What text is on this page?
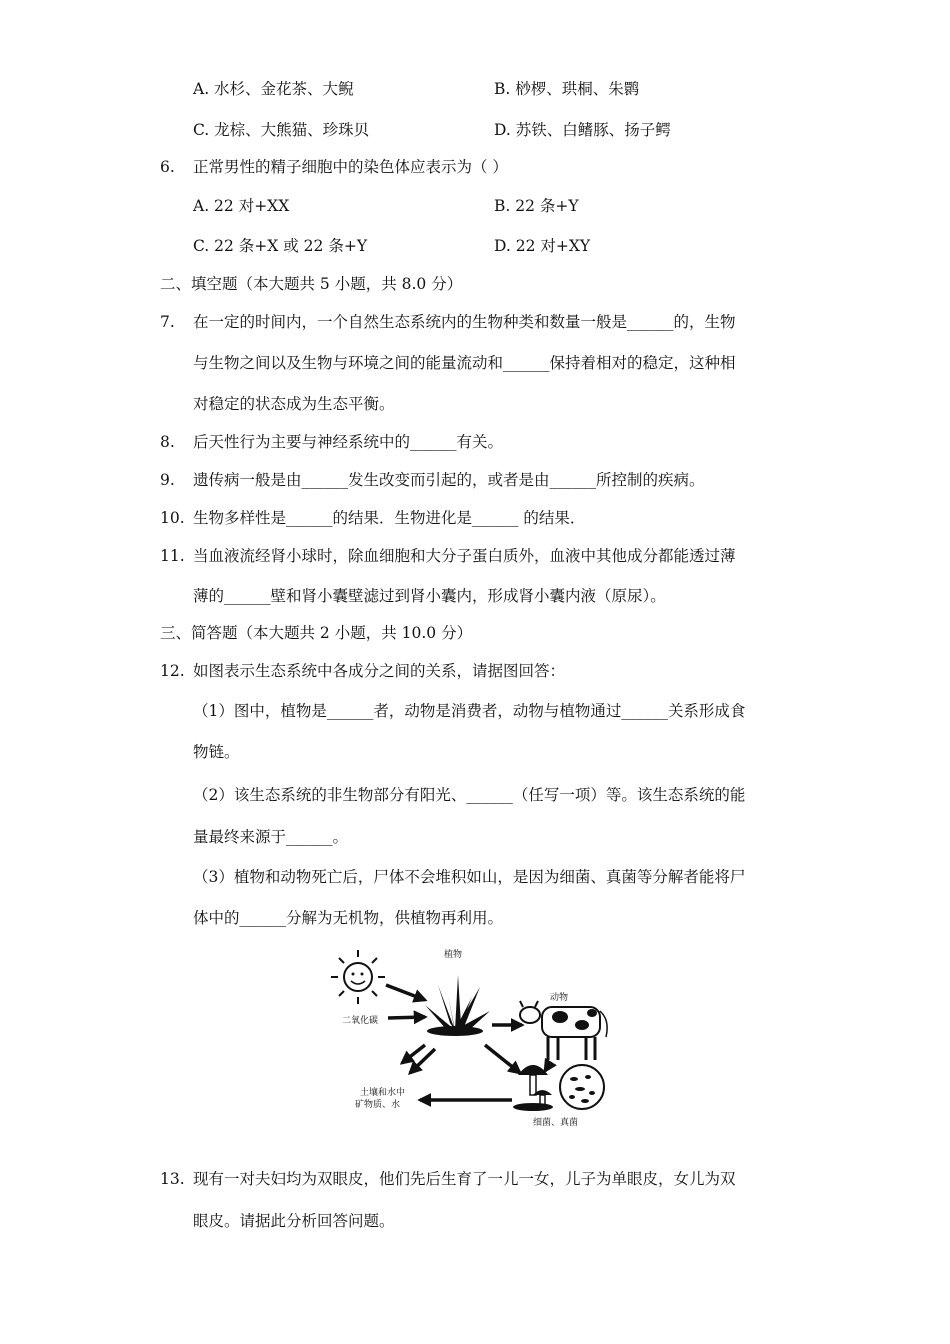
A. 水杉、金花茶、大鲵	B. 桫椤、珙桐、朱鹮
C. 龙棕、大熊猫、珍珠贝	D. 苏铁、白鳍豚、扬子鳄
6. 正常男性的精子细胞中的染色体应表示为（ ）
A. 22 对+XX	B. 22 条+Y
C. 22 条+X 或 22 条+Y	D. 22 对+XY
二、填空题（本大题共 5 小题，共 8.0 分）
7. 在一定的时间内，一个自然生态系统内的生物种类和数量一般是______的，生物
与生物之间以及生物与环境之间的能量流动和______保持着相对的稳定，这种相
对稳定的状态成为生态平衡。
8. 后天性行为主要与神经系统中的______有关。
9. 遗传病一般是由______发生改变而引起的，或者是由______所控制的疾病。
10. 生物多样性是______的结果．生物进化是______ 的结果．
11. 当血液流经肾小球时，除血细胞和大分子蛋白质外，血液中其他成分都能透过薄
薄的______壁和肾小囊壁滤过到肾小囊内，形成肾小囊内液（原尿）。
三、简答题（本大题共 2 小题，共 10.0 分）
12. 如图表示生态系统中各成分之间的关系，请据图回答：
（1）图中，植物是______者，动物是消费者，动物与植物通过______关系形成食
物链。
（2）该生态系统的非生物部分有阳光、______（任写一项）等。该生态系统的能
量最终来源于______。
（3）植物和动物死亡后，尸体不会堆积如山，是因为细菌、真菌等分解者能将尸
体中的______分解为无机物，供植物再利用。
植物
动物
细菌、真菌
二氧化碳
土壤和水中
矿物质、水
13. 现有一对夫妇均为双眼皮，他们先后生育了一儿一女，儿子为单眼皮，女儿为双
眼皮。请据此分析回答问题。
